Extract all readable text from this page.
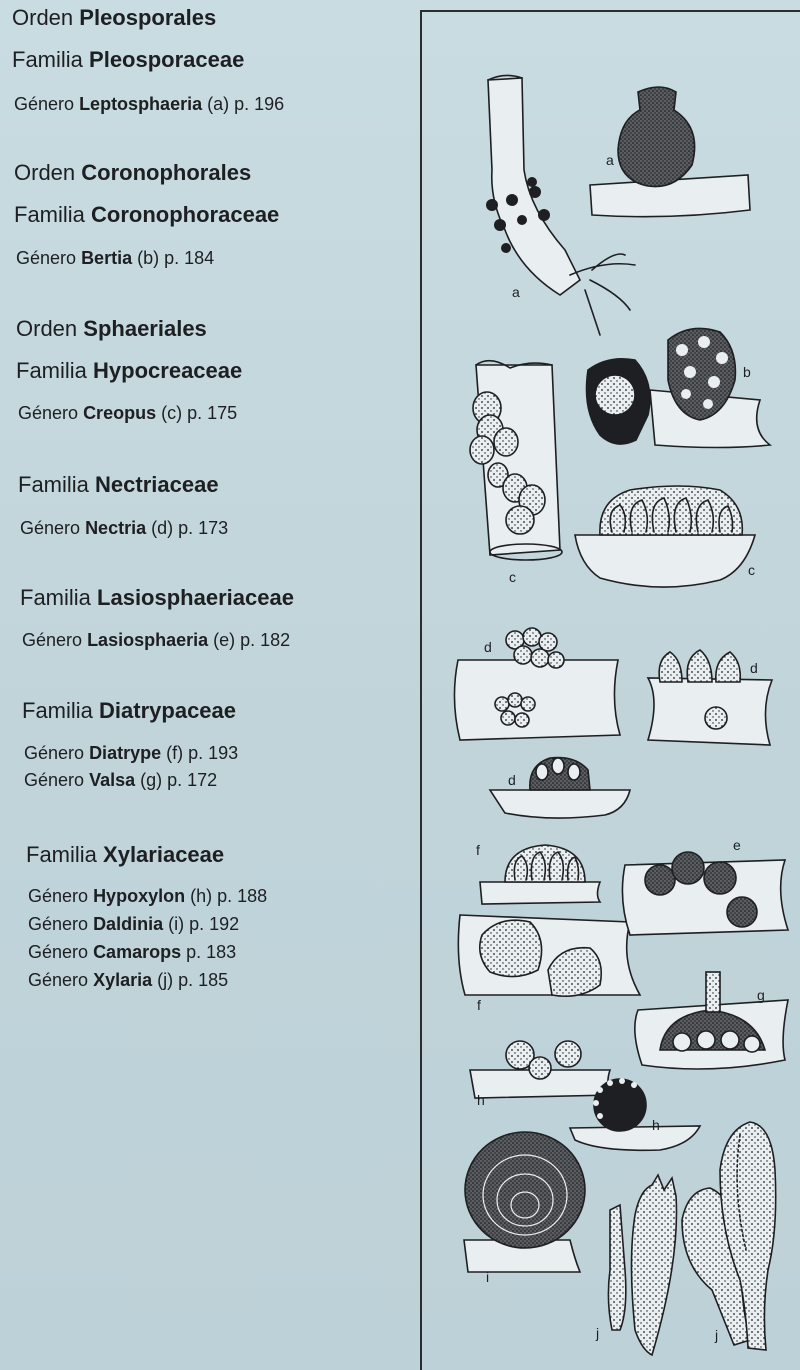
Orden Pleosporales
Familia Pleosporaceae
Género Leptosphaeria (a) p. 196
Orden Coronophorales
Familia Coronophoraceae
Género Bertia (b) p. 184
Orden Sphaeriales
Familia Hypocreaceae
Género Creopus (c) p. 175
Familia Nectriaceae
Género Nectria (d) p. 173
Familia Lasiosphaeriaceae
Género Lasiosphaeria (e) p. 182
Familia Diatrypaceae
Género Diatrype (f) p. 193
Género Valsa (g) p. 172
Familia Xylariaceae
Género Hypoxylon (h) p. 188
Género Daldinia (i) p. 192
Género Camarops p. 183
Género Xylaria (j) p. 185
a
a
b
c	c
d
d
d
f	e
f
g
h
h
i
j	j
